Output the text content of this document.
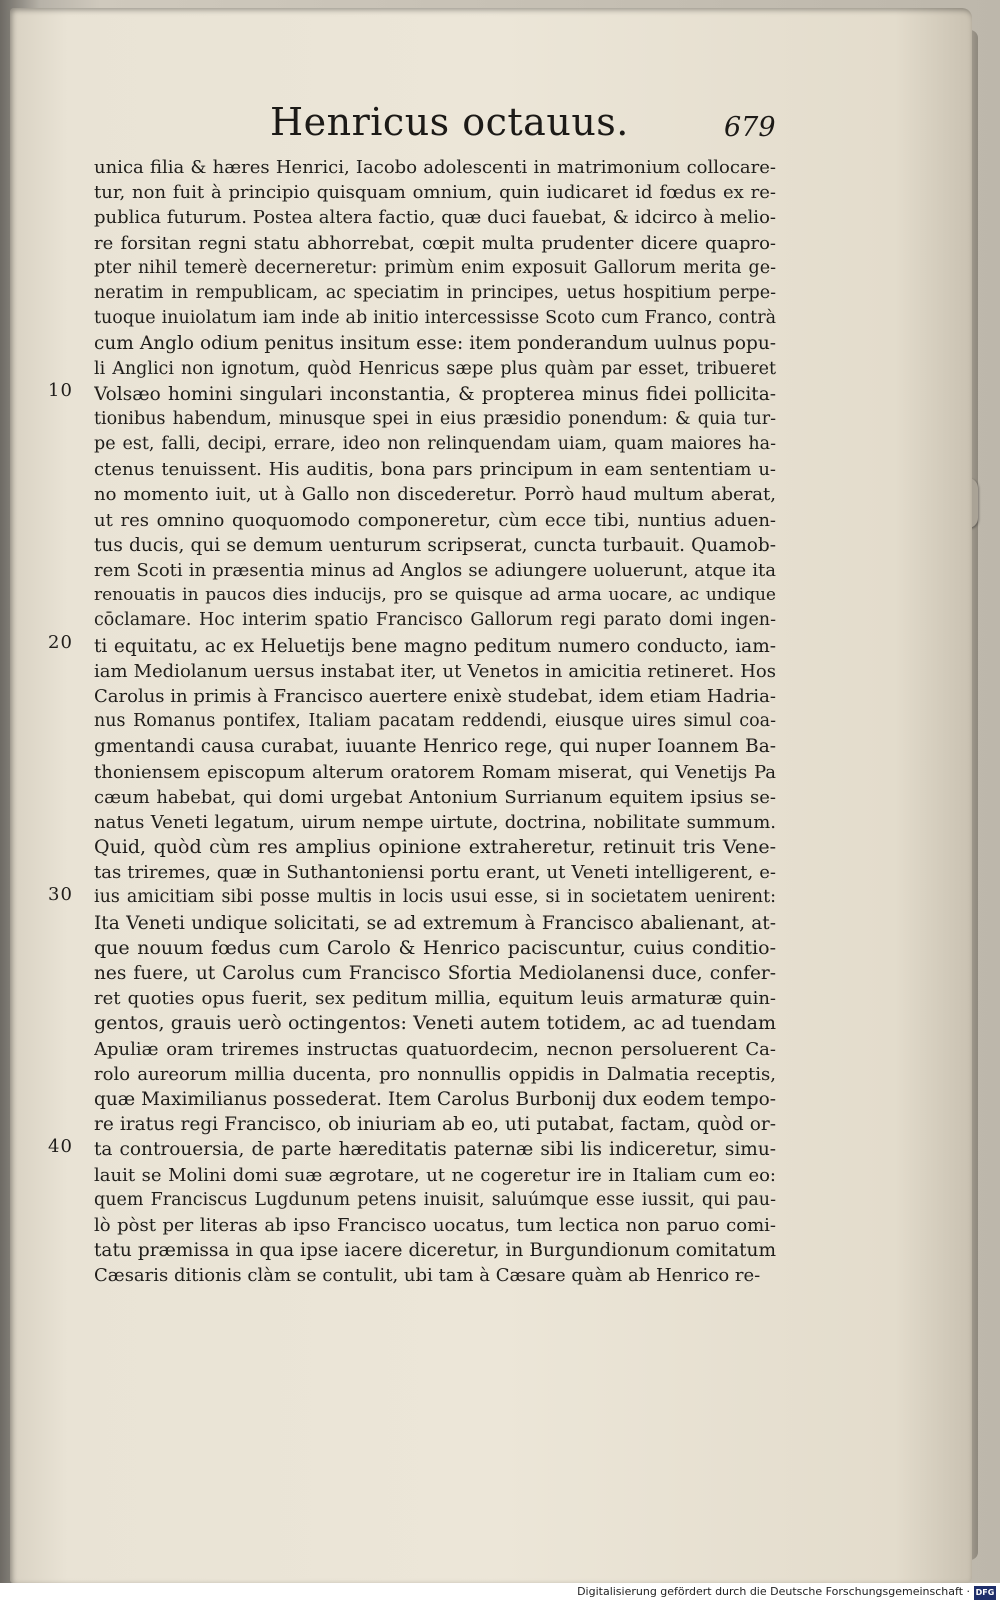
Henricus octauus.	679
10
20
30
40
unica filia & hæres Henrici, Iacobo adolescenti in matrimonium collocare-
tur, non fuit à principio quisquam omnium, quin iudicaret id fœdus ex re-
publica futurum. Postea altera factio, quæ duci fauebat, & idcirco à melio-
re forsitan regni statu abhorrebat, cœpit multa prudenter dicere quapro-
pter nihil temerè decerneretur: primùm enim exposuit Gallorum merita ge-
neratim in rempublicam, ac speciatim in principes, uetus hospitium perpe-
tuoque inuiolatum iam inde ab initio intercessisse Scoto cum Franco, contrà
cum Anglo odium penitus insitum esse: item ponderandum uulnus popu-
li Anglici non ignotum, quòd Henricus sæpe plus quàm par esset, tribueret
Volsæo homini singulari inconstantia, & propterea minus fidei pollicita-
tionibus habendum, minusque spei in eius præsidio ponendum: & quia tur-
pe est, falli, decipi, errare, ideo non relinquendam uiam, quam maiores ha-
ctenus tenuissent. His auditis, bona pars principum in eam sententiam u-
no momento iuit, ut à Gallo non discederetur. Porrò haud multum aberat,
ut res omnino quoquomodo componeretur, cùm ecce tibi, nuntius aduen-
tus ducis, qui se demum uenturum scripserat, cuncta turbauit. Quamob-
rem Scoti in præsentia minus ad Anglos se adiungere uoluerunt, atque ita
renouatis in paucos dies inducijs, pro se quisque ad arma uocare, ac undique
cōclamare. Hoc interim spatio Francisco Gallorum regi parato domi ingen-
ti equitatu, ac ex Heluetijs bene magno peditum numero conducto, iam-
iam Mediolanum uersus instabat iter, ut Venetos in amicitia retineret. Hos
Carolus in primis à Francisco auertere enixè studebat, idem etiam Hadria-
nus Romanus pontifex, Italiam pacatam reddendi, eiusque uires simul coa-
gmentandi causa curabat, iuuante Henrico rege, qui nuper Ioannem Ba-
thoniensem episcopum alterum oratorem Romam miserat, qui Venetijs Pa
cæum habebat, qui domi urgebat Antonium Surrianum equitem ipsius se-
natus Veneti legatum, uirum nempe uirtute, doctrina, nobilitate summum.
Quid, quòd cùm res amplius opinione extraheretur, retinuit tris Vene-
tas triremes, quæ in Suthantoniensi portu erant, ut Veneti intelligerent, e-
ius amicitiam sibi posse multis in locis usui esse, si in societatem uenirent:
Ita Veneti undique solicitati, se ad extremum à Francisco abalienant, at-
que nouum fœdus cum Carolo & Henrico paciscuntur, cuius conditio-
nes fuere, ut Carolus cum Francisco Sfortia Mediolanensi duce, confer-
ret quoties opus fuerit, sex peditum millia, equitum leuis armaturæ quin-
gentos, grauis uerò octingentos: Veneti autem totidem, ac ad tuendam
Apuliæ oram triremes instructas quatuordecim, necnon persoluerent Ca-
rolo aureorum millia ducenta, pro nonnullis oppidis in Dalmatia receptis,
quæ Maximilianus possederat. Item Carolus Burbonij dux eodem tempo-
re iratus regi Francisco, ob iniuriam ab eo, uti putabat, factam, quòd or-
ta controuersia, de parte hæreditatis paternæ sibi lis indiceretur, simu-
lauit se Molini domi suæ ægrotare, ut ne cogeretur ire in Italiam cum eo:
quem Franciscus Lugdunum petens inuisit, saluúmque esse iussit, qui pau-
lò pòst per literas ab ipso Francisco uocatus, tum lectica non paruo comi-
tatu præmissa in qua ipse iacere diceretur, in Burgundionum comitatum
Cæsaris ditionis clàm se contulit, ubi tam à Cæsare quàm ab Henrico re-
Digitalisierung gefördert durch die Deutsche Forschungsgemeinschaft · DFG
